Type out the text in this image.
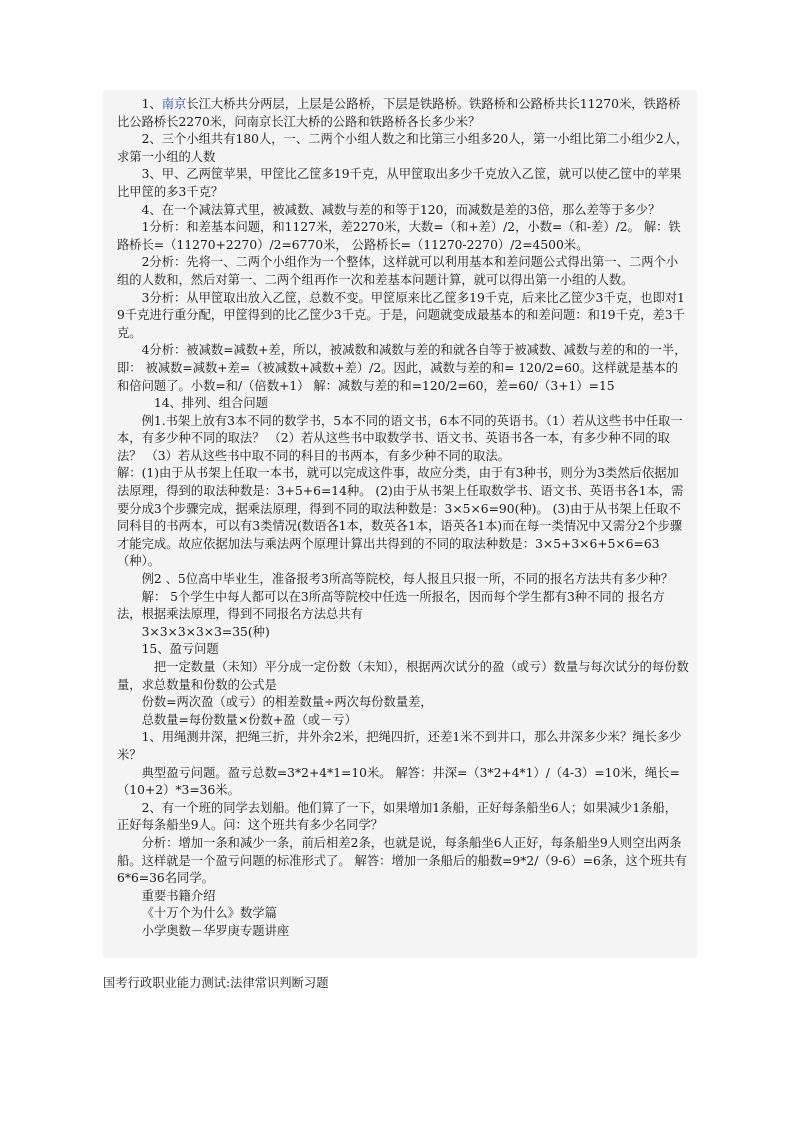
1、南京长江大桥共分两层，上层是公路桥，下层是铁路桥。铁路桥和公路桥共长11270米，铁路桥比公路桥长2270米，问南京长江大桥的公路和铁路桥各长多少米？

2、三个小组共有180人，一、二两个小组人数之和比第三小组多20人，第一小组比第二小组少2人，求第一小组的人数

3、甲、乙两筐苹果，甲筐比乙筐多19千克，从甲筐取出多少千克放入乙筐，就可以使乙筐中的苹果比甲筐的多3千克？

4、在一个减法算式里，被减数、减数与差的和等于120，而减数是差的3倍，那么差等于多少？

1分析：和差基本问题，和1127米，差2270米，大数=（和+差）/2，小数=（和-差）/2。 解：铁路桥长=（11270+2270）/2=6770米， 公路桥长=（11270-2270）/2=4500米。

2分析：先将一、二两个小组作为一个整体，这样就可以利用基本和差问题公式得出第一、二两个小组的人数和，然后对第一、二两个组再作一次和差基本问题计算，就可以得出第一小组的人数。

3分析：从甲筐取出放入乙筐，总数不变。甲筐原来比乙筐多19千克，后来比乙筐少3千克，也即对19千克进行重分配，甲筐得到的比乙筐少3千克。于是，问题就变成最基本的和差问题：和19千克，差3千克。

4分析：被减数=减数+差，所以，被减数和减数与差的和就各自等于被减数、减数与差的和的一半，即： 被减数=减数+差=（被减数+减数+差）/2。因此，减数与差的和= 120/2=60。这样就是基本的和倍问题了。小数=和/（倍数+1） 解：减数与差的和=120/2=60，差=60/（3+1）=15

14、排列、组合问题

例1.书架上放有3本不同的数学书，5本不同的语文书，6本不同的英语书。（1）若从这些书中任取一本，有多少种不同的取法？ （2）若从这些书中取数学书、语文书、英语书各一本，有多少种不同的取法？ （3）若从这些书中取不同的科目的书两本，有多少种不同的取法。

解：(1)由于从书架上任取一本书，就可以完成这件事，故应分类，由于有3种书，则分为3类然后依据加法原理，得到的取法种数是：3+5+6=14种。 (2)由于从书架上任取数学书、语文书、英语书各1本，需要分成3个步骤完成，据乘法原理，得到不同的取法种数是：3×5×6=90(种)。 (3)由于从书架上任取不同科目的书两本，可以有3类情况(数语各1本，数英各1本，语英各1本)而在每一类情况中又需分2个步骤才能完成。故应依据加法与乘法两个原理计算出共得到的不同的取法种数是：3×5+3×6+5×6=63（种）。

例2 、5位高中毕业生，准备报考3所高等院校，每人报且只报一所，不同的报名方法共有多少种？

解： 5个学生中每人都可以在3所高等院校中任选一所报名，因而每个学生都有3种不同的 报名方法，根据乘法原理，得到不同报名方法总共有

3×3×3×3×3=35(种)

15、盈亏问题

把一定数量（未知）平分成一定份数（未知），根据两次试分的盈（或亏）数量与每次试分的每份数量，求总数量和份数的公式是

份数=两次盈（或亏）的相差数量÷两次每份数量差，

总数量=每份数量×份数+盈（或－亏）

1、用绳测井深，把绳三折，井外余2米，把绳四折，还差1米不到井口，那么井深多少米？绳长多少米？

典型盈亏问题。盈亏总数=3*2+4*1=10米。 解答：井深=（3*2+4*1）/（4-3）=10米，绳长=（10+2）*3=36米。

2、有一个班的同学去划船。他们算了一下，如果增加1条船，正好每条船坐6人；如果减少1条船，正好每条船坐9人。问：这个班共有多少名同学？

分析：增加一条和减少一条，前后相差2条，也就是说，每条船坐6人正好，每条船坐9人则空出两条船。这样就是一个盈亏问题的标准形式了。 解答：增加一条船后的船数=9*2/（9-6）=6条，这个班共有6*6=36名同学。

重要书籍介绍

《十万个为什么》数学篇

小学奥数－华罗庚专题讲座

国考行政职业能力测试:法律常识判断习题
